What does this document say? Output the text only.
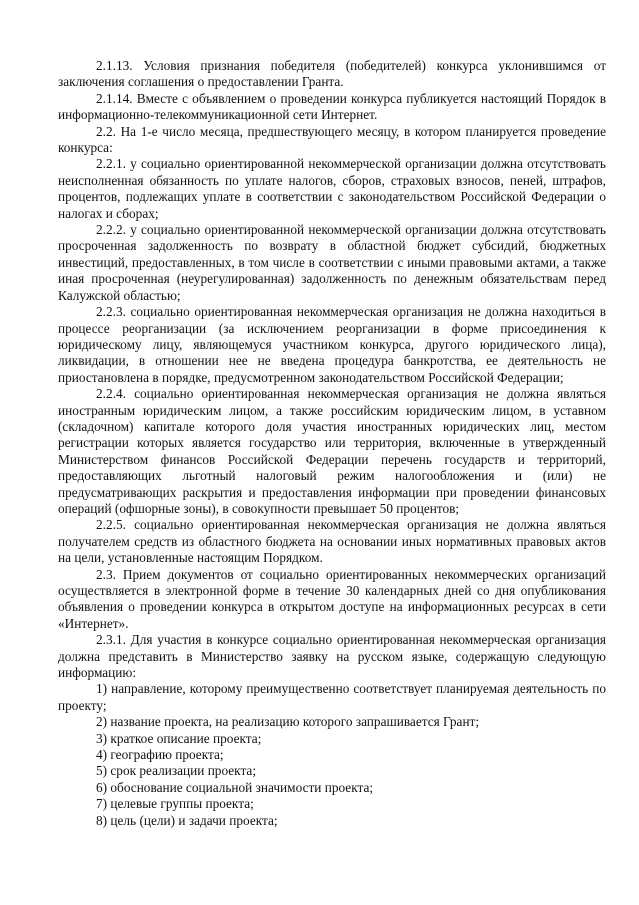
2.1.13. Условия признания победителя (победителей) конкурса уклонившимся от заключения соглашения о предоставлении Гранта.

2.1.14. Вместе с объявлением о проведении конкурса публикуется настоящий Порядок в информационно-телекоммуникационной сети Интернет.

2.2. На 1-е число месяца, предшествующего месяцу, в котором планируется проведение конкурса:

2.2.1. у социально ориентированной некоммерческой организации должна отсутствовать неисполненная обязанность по уплате налогов, сборов, страховых взносов, пеней, штрафов, процентов, подлежащих уплате в соответствии с законодательством Российской Федерации о налогах и сборах;

2.2.2. у социально ориентированной некоммерческой организации должна отсутствовать просроченная задолженность по возврату в областной бюджет субсидий, бюджетных инвестиций, предоставленных, в том числе в соответствии с иными правовыми актами, а также иная просроченная (неурегулированная) задолженность по денежным обязательствам перед Калужской областью;

2.2.3. социально ориентированная некоммерческая организация не должна находиться в процессе реорганизации (за исключением реорганизации в форме присоединения к юридическому лицу, являющемуся участником конкурса, другого юридического лица), ликвидации, в отношении нее не введена процедура банкротства, ее деятельность не приостановлена в порядке, предусмотренном законодательством Российской Федерации;

2.2.4. социально ориентированная некоммерческая организация не должна являться иностранным юридическим лицом, а также российским юридическим лицом, в уставном (складочном) капитале которого доля участия иностранных юридических лиц, местом регистрации которых является государство или территория, включенные в утвержденный Министерством финансов Российской Федерации перечень государств и территорий, предоставляющих льготный налоговый режим налогообложения и (или) не предусматривающих раскрытия и предоставления информации при проведении финансовых операций (офшорные зоны), в совокупности превышает 50 процентов;

2.2.5. социально ориентированная некоммерческая организация не должна являться получателем средств из областного бюджета на основании иных нормативных правовых актов на цели, установленные настоящим Порядком.

2.3. Прием документов от социально ориентированных некоммерческих организаций осуществляется в электронной форме в течение 30 календарных дней со дня опубликования объявления о проведении конкурса в открытом доступе на информационных ресурсах в сети «Интернет».

2.3.1. Для участия в конкурсе социально ориентированная некоммерческая организация должна представить в Министерство заявку на русском языке, содержащую следующую информацию:

1) направление, которому преимущественно соответствует планируемая деятельность по проекту;

2) название проекта, на реализацию которого запрашивается Грант;

3) краткое описание проекта;

4) географию проекта;

5) срок реализации проекта;

6) обоснование социальной значимости проекта;

7) целевые группы проекта;

8) цель (цели) и задачи проекта;
